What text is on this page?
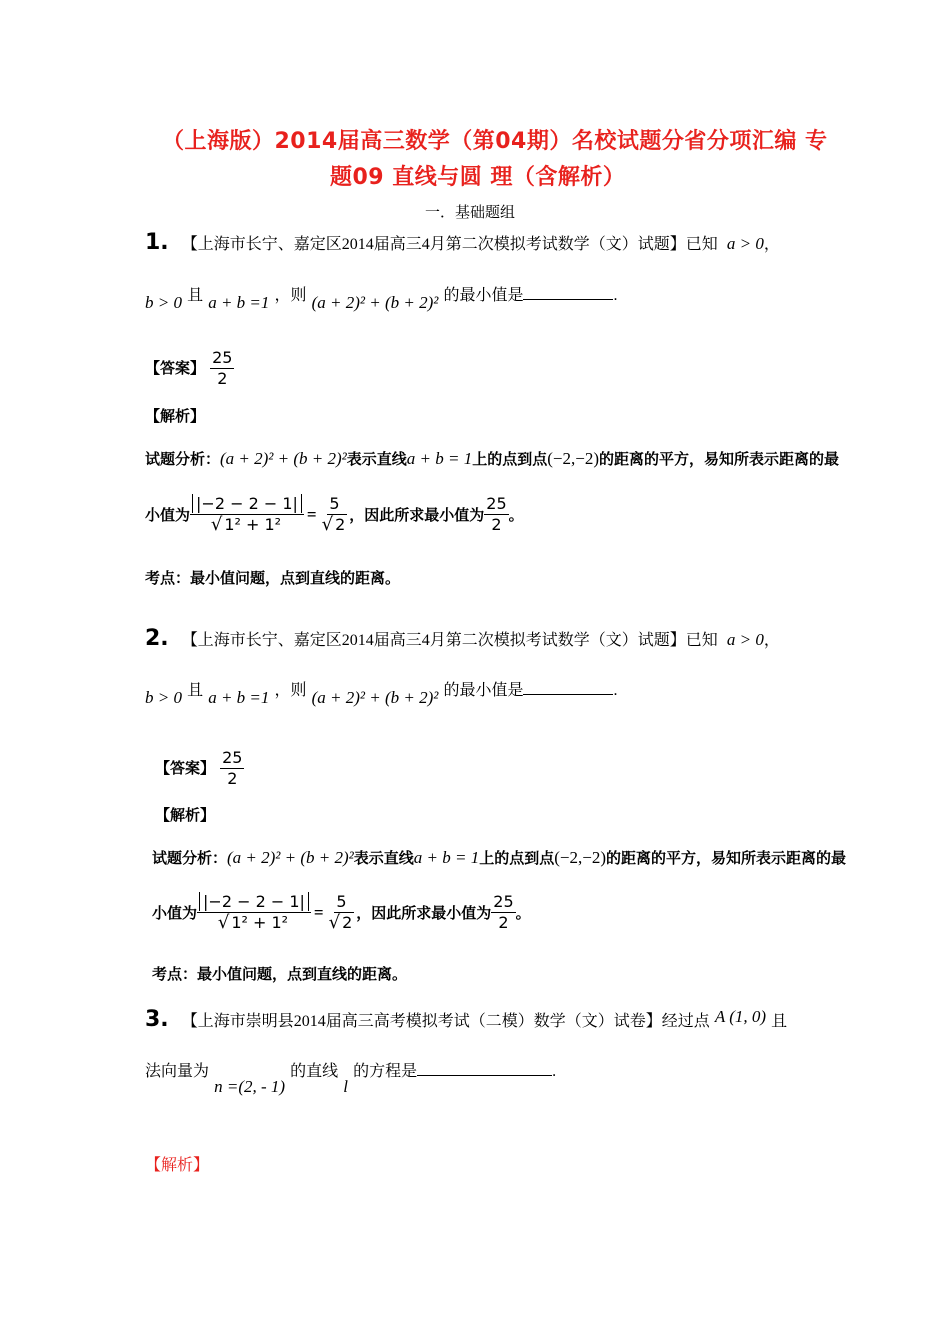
（上海版）2014届高三数学（第04期）名校试题分省分项汇编 专
题09 直线与圆 理（含解析）
一．基础题组
1. 【上海市长宁、嘉定区2014届高三4月第二次模拟考试数学（文）试题】已知 a > 0，
b > 0 且 a + b =1 ，则 (a + 2)² + (b + 2)² 的最小值是	.
【答案】 $\frac{25}{2}$
【解析】
试题分析：(a + 2)² + (b + 2)²表示直线a + b = 1上的点到点(−2,−2)的距离的平方，易知所表示距离的最
小值为 $\frac{|-2 - 2 - 1|}{\text{√ 1² + 1²}} = \frac{5}{√ 2}$ ，因此所求最小值为 $\frac{25}{2}$ 。
考点：最小值问题，点到直线的距离。
2. 【上海市长宁、嘉定区2014届高三4月第二次模拟考试数学（文）试题】已知 a > 0，
b > 0 且 a + b =1 ，则 (a + 2)² + (b + 2)² 的最小值是	.
【答案】 $\frac{25}{2}$
【解析】
试题分析：(a + 2)² + (b + 2)²表示直线a + b = 1上的点到点(−2,−2)的距离的平方，易知所表示距离的最
小值为 $\frac{|-2 - 2 - 1|}{\text{√ 1² + 1²}} = \frac{5}{√ 2}$ ，因此所求最小值为 $\frac{25}{2}$ 。
考点：最小值问题，点到直线的距离。
3. 【上海市崇明县2014届高三高考模拟考试（二模）数学（文）试卷】经过点 A (1, 0) 且
法向量为 n =(2, - 1) 的直线 l 的方程是	.
【解析】
